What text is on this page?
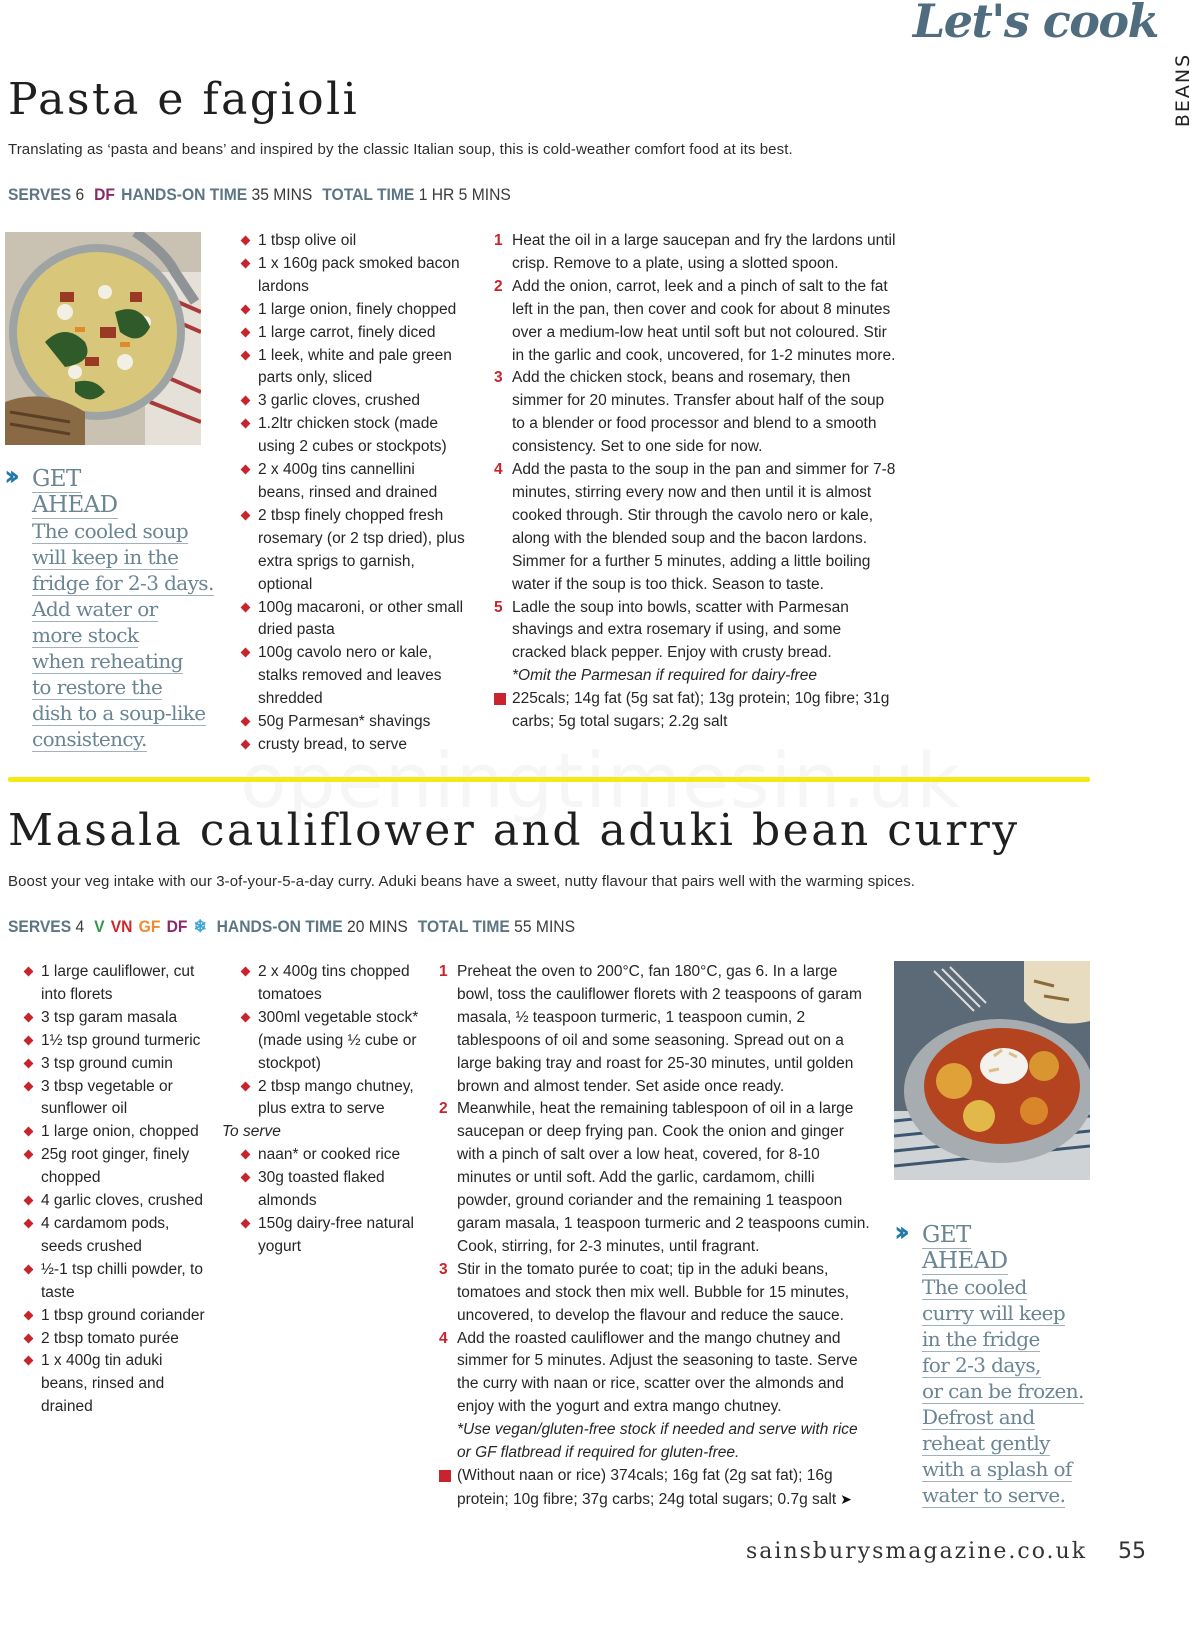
Let's cook
BEANS
Pasta e fagioli

Translating as ‘pasta and beans’ and inspired by the classic Italian soup, this is cold-weather comfort food at its best.

SERVES 6 DF HANDS-ON TIME 35 MINS TOTAL TIME 1 HR 5 MINS
›› GET
AHEAD
The cooled soup
will keep in the
fridge for 2-3 days.
Add water or
more stock
when reheating
to restore the
dish to a soup-like
consistency.
1 tbsp olive oil
1 x 160g pack smoked bacon lardons
1 large onion, finely chopped
1 large carrot, finely diced
1 leek, white and pale green parts only, sliced
3 garlic cloves, crushed
1.2ltr chicken stock (made using 2 cubes or stockpots)
2 x 400g tins cannellini beans, rinsed and drained
2 tbsp finely chopped fresh rosemary (or 2 tsp dried), plus extra sprigs to garnish, optional
100g macaroni, or other small dried pasta
100g cavolo nero or kale, stalks removed and leaves shredded
50g Parmesan* shavings
crusty bread, to serve
1 Heat the oil in a large saucepan and fry the lardons until crisp. Remove to a plate, using a slotted spoon.
2 Add the onion, carrot, leek and a pinch of salt to the fat left in the pan, then cover and cook for about 8 minutes over a medium-low heat until soft but not coloured. Stir in the garlic and cook, uncovered, for 1-2 minutes more.
3 Add the chicken stock, beans and rosemary, then simmer for 20 minutes. Transfer about half of the soup to a blender or food processor and blend to a smooth consistency. Set to one side for now.
4 Add the pasta to the soup in the pan and simmer for 7-8 minutes, stirring every now and then until it is almost cooked through. Stir through the cavolo nero or kale, along with the blended soup and the bacon lardons. Simmer for a further 5 minutes, adding a little boiling water if the soup is too thick. Season to taste.
5 Ladle the soup into bowls, scatter with Parmesan shavings and extra rosemary if using, and some cracked black pepper. Enjoy with crusty bread.
*Omit the Parmesan if required for dairy-free
225cals; 14g fat (5g sat fat); 13g protein; 10g fibre; 31g carbs; 5g total sugars; 2.2g salt
Masala cauliflower and aduki bean curry

Boost your veg intake with our 3-of-your-5-a-day curry. Aduki beans have a sweet, nutty flavour that pairs well with the warming spices.

SERVES 4 V VN GF DF ❄ HANDS-ON TIME 20 MINS TOTAL TIME 55 MINS
1 large cauliflower, cut into florets
3 tsp garam masala
1½ tsp ground turmeric
3 tsp ground cumin
3 tbsp vegetable or sunflower oil
1 large onion, chopped
25g root ginger, finely chopped
4 garlic cloves, crushed
4 cardamom pods, seeds crushed
½-1 tsp chilli powder, to taste
1 tbsp ground coriander
2 tbsp tomato purée
1 x 400g tin aduki beans, rinsed and drained
2 x 400g tins chopped tomatoes
300ml vegetable stock* (made using ½ cube or stockpot)
2 tbsp mango chutney, plus extra to serve
To serve
naan* or cooked rice
30g toasted flaked almonds
150g dairy-free natural yogurt
1 Preheat the oven to 200°C, fan 180°C, gas 6. In a large bowl, toss the cauliflower florets with 2 teaspoons of garam masala, ½ teaspoon turmeric, 1 teaspoon cumin, 2 tablespoons of oil and some seasoning. Spread out on a large baking tray and roast for 25-30 minutes, until golden brown and almost tender. Set aside once ready.
2 Meanwhile, heat the remaining tablespoon of oil in a large saucepan or deep frying pan. Cook the onion and ginger with a pinch of salt over a low heat, covered, for 8-10 minutes or until soft. Add the garlic, cardamom, chilli powder, ground coriander and the remaining 1 teaspoon garam masala, 1 teaspoon turmeric and 2 teaspoons cumin. Cook, stirring, for 2-3 minutes, until fragrant.
3 Stir in the tomato purée to coat; tip in the aduki beans, tomatoes and stock then mix well. Bubble for 15 minutes, uncovered, to develop the flavour and reduce the sauce.
4 Add the roasted cauliflower and the mango chutney and simmer for 5 minutes. Adjust the seasoning to taste. Serve the curry with naan or rice, scatter over the almonds and enjoy with the yogurt and extra mango chutney.
*Use vegan/gluten-free stock if needed and serve with rice or GF flatbread if required for gluten-free.
(Without naan or rice) 374cals; 16g fat (2g sat fat); 16g protein; 10g fibre; 37g carbs; 24g total sugars; 0.7g salt ➤
›› GET
AHEAD
The cooled
curry will keep
in the fridge
for 2-3 days,
or can be frozen.
Defrost and
reheat gently
with a splash of
water to serve.
sainsburysmagazine.co.uk 55
